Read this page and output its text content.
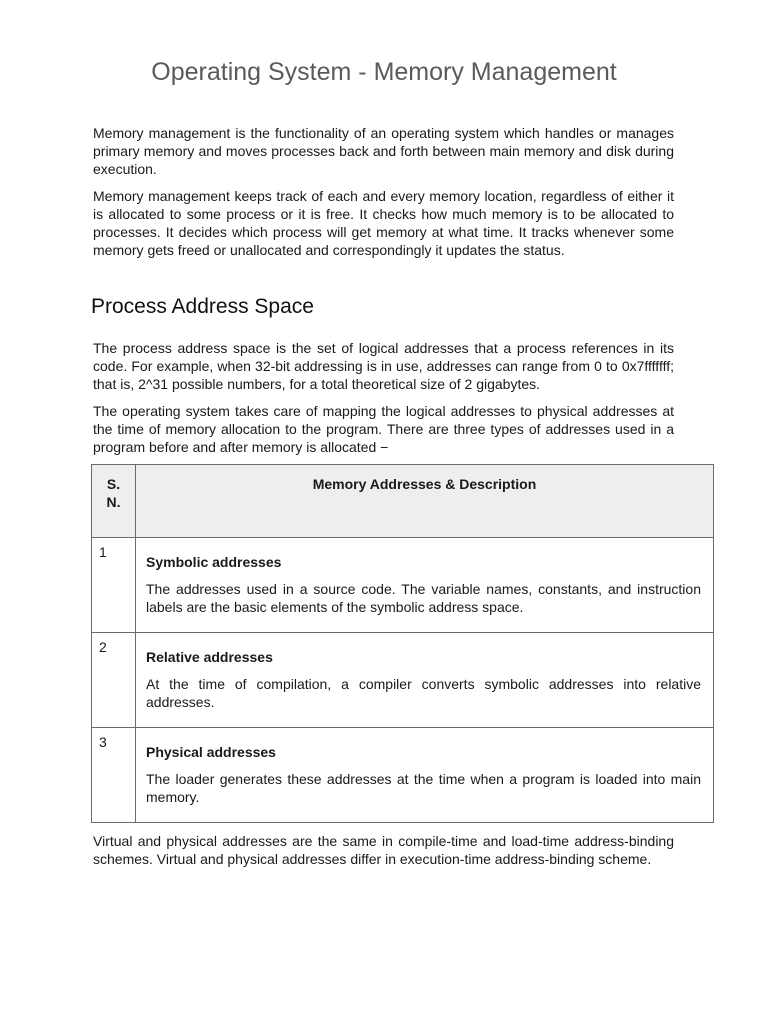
Operating System - Memory Management

Memory management is the functionality of an operating system which handles or manages primary memory and moves processes back and forth between main memory and disk during execution.

Memory management keeps track of each and every memory location, regardless of either it is allocated to some process or it is free. It checks how much memory is to be allocated to processes. It decides which process will get memory at what time. It tracks whenever some memory gets freed or unallocated and correspondingly it updates the status.

Process Address Space

The process address space is the set of logical addresses that a process references in its code. For example, when 32-bit addressing is in use, addresses can range from 0 to 0x7fffffff; that is, 2^31 possible numbers, for a total theoretical size of 2 gigabytes.

The operating system takes care of mapping the logical addresses to physical addresses at the time of memory allocation to the program. There are three types of addresses used in a program before and after memory is allocated −

S.N.	Memory Addresses & Description
1	Symbolic addresses

The addresses used in a source code. The variable names, constants, and instruction labels are the basic elements of the symbolic address space.

2	Relative addresses

At the time of compilation, a compiler converts symbolic addresses into relative addresses.

3	Physical addresses

The loader generates these addresses at the time when a program is loaded into main memory.

Virtual and physical addresses are the same in compile-time and load-time address-binding schemes. Virtual and physical addresses differ in execution-time address-binding scheme.
